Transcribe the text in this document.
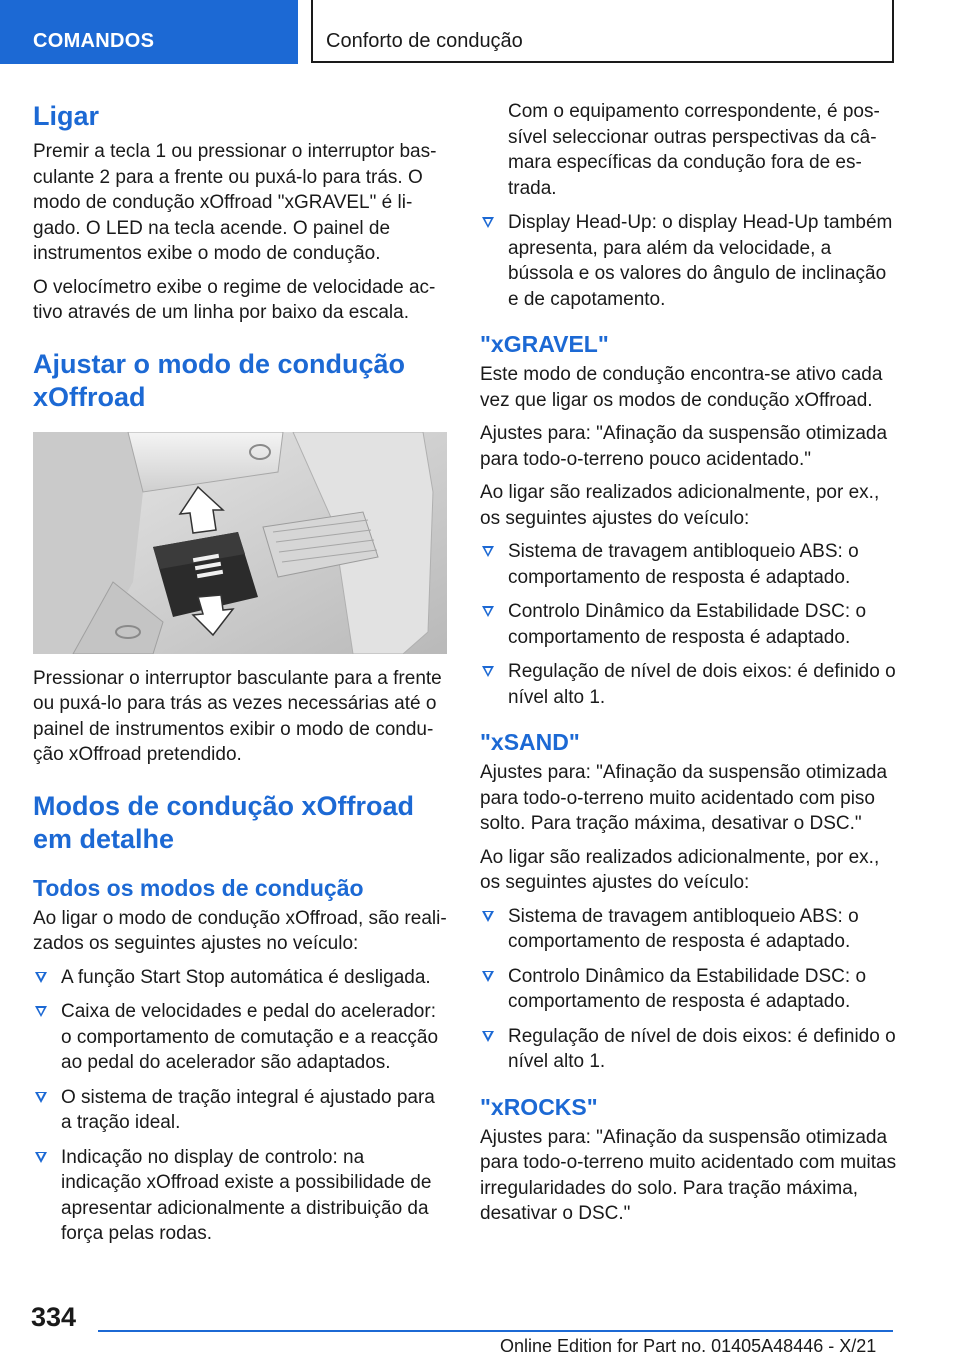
COMANDOS	Conforto de condução
Ligar

Premir a tecla 1 ou pressionar o interruptor basculante 2 para a frente ou puxá-lo para trás. O modo de condução xOffroad "xGRAVEL" é ligado. O LED na tecla acende. O painel de instrumentos exibe o modo de condução.

O velocímetro exibe o regime de velocidade activo através de um linha por baixo da escala.

Ajustar o modo de condução xOffroad

Pressionar o interruptor basculante para a frente ou puxá-lo para trás as vezes necessárias até o painel de instrumentos exibir o modo de condução xOffroad pretendido.

Modos de condução xOffroad em detalhe
Todos os modos de condução

Ao ligar o modo de condução xOffroad, são realizados os seguintes ajustes no veículo:

A função Start Stop automática é desligada.
Caixa de velocidades e pedal do acelerador: o comportamento de comutação e a reacção ao pedal do acelerador são adaptados.
O sistema de tração integral é ajustado para a tração ideal.
Indicação no display de controlo: na indicação xOffroad existe a possibilidade de apresentar adicionalmente a distribuição da força pelas rodas.

Com o equipamento correspondente, é possível seleccionar outras perspectivas da câmara específicas da condução fora de estrada.

Display Head-Up: o display Head-Up também apresenta, para além da velocidade, a bússola e os valores do ângulo de inclinação e de capotamento.
"xGRAVEL"

Este modo de condução encontra-se ativo cada vez que ligar os modos de condução xOffroad.

Ajustes para: "Afinação da suspensão otimizada para todo-o-terreno pouco acidentado."

Ao ligar são realizados adicionalmente, por ex., os seguintes ajustes do veículo:

Sistema de travagem antibloqueio ABS: o comportamento de resposta é adaptado.
Controlo Dinâmico da Estabilidade DSC: o comportamento de resposta é adaptado.
Regulação de nível de dois eixos: é definido o nível alto 1.
"xSAND"

Ajustes para: "Afinação da suspensão otimizada para todo-o-terreno muito acidentado com piso solto. Para tração máxima, desativar o DSC."

Ao ligar são realizados adicionalmente, por ex., os seguintes ajustes do veículo:

Sistema de travagem antibloqueio ABS: o comportamento de resposta é adaptado.
Controlo Dinâmico da Estabilidade DSC: o comportamento de resposta é adaptado.
Regulação de nível de dois eixos: é definido o nível alto 1.
"xROCKS"

Ajustes para: "Afinação da suspensão otimizada para todo-o-terreno muito acidentado com muitas irregularidades do solo. Para tração máxima, desativar o DSC."

334
Online Edition for Part no. 01405A48446 - X/21
